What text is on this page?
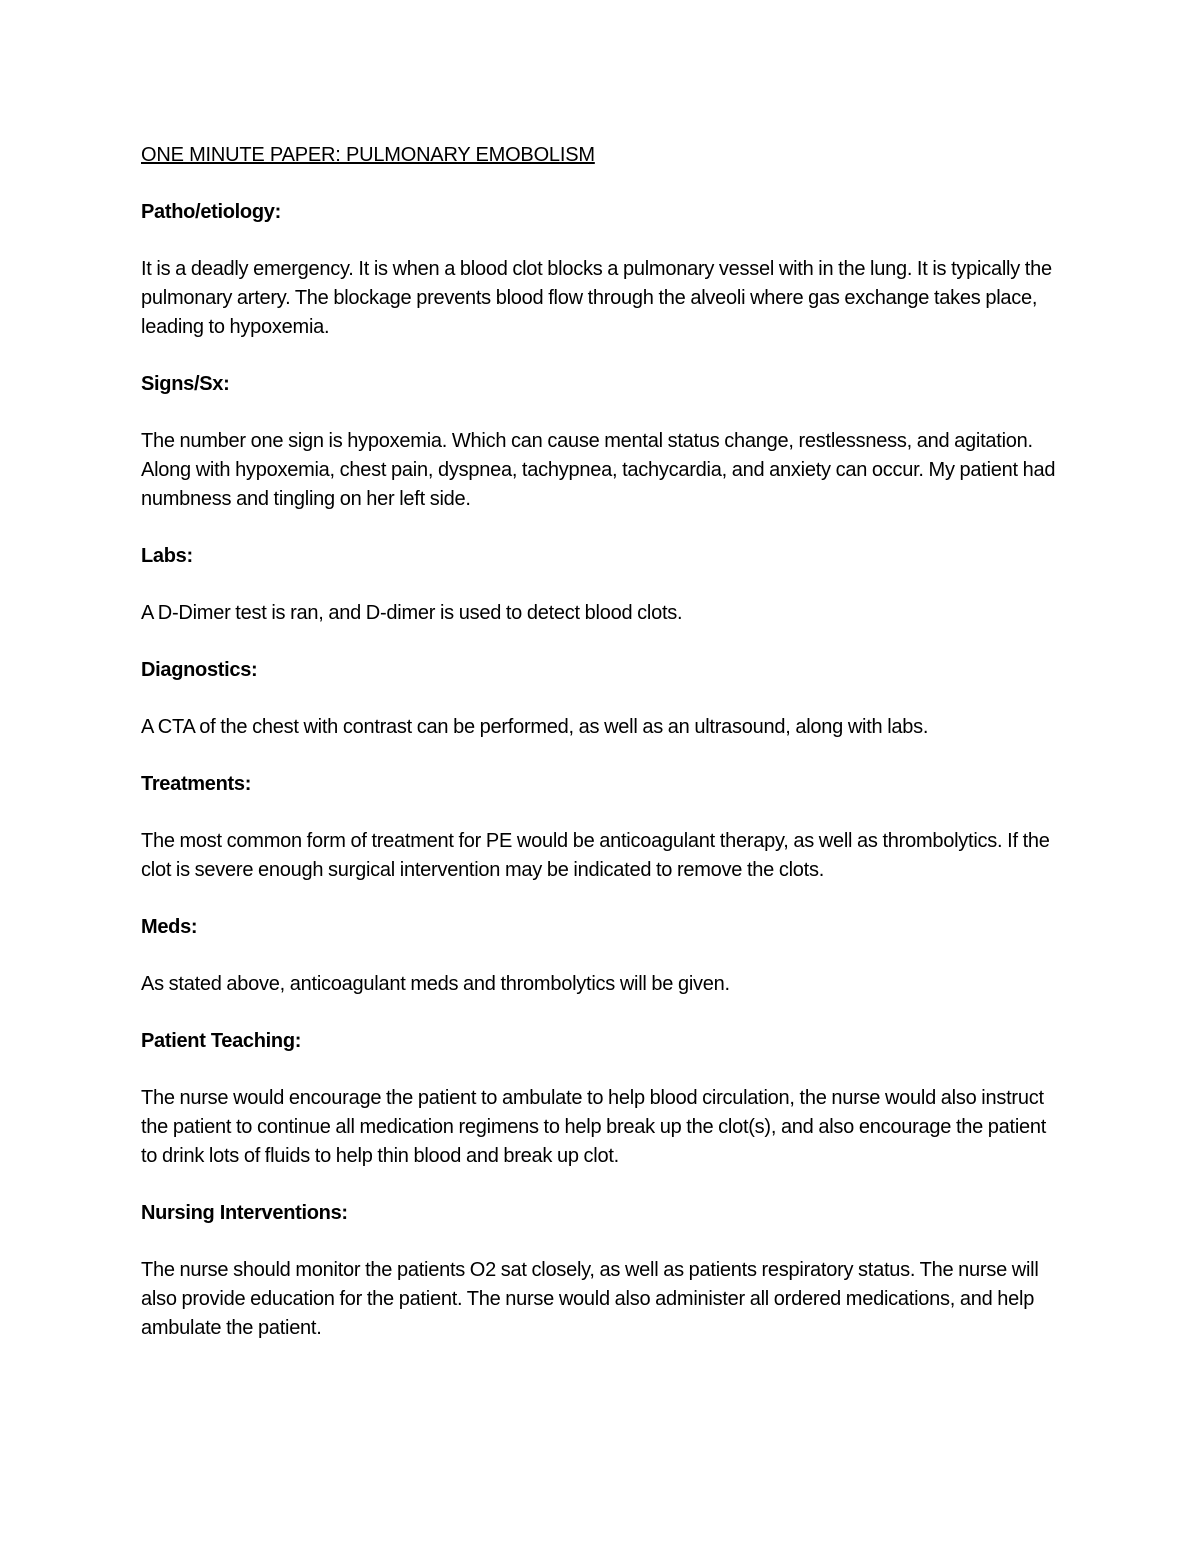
ONE MINUTE PAPER: PULMONARY EMOBOLISM
Patho/etiology:
It is a deadly emergency. It is when a blood clot blocks a pulmonary vessel with in the lung. It is typically the pulmonary artery. The blockage prevents blood flow through the alveoli where gas exchange takes place, leading to hypoxemia.
Signs/Sx:
The number one sign is hypoxemia. Which can cause mental status change, restlessness, and agitation. Along with hypoxemia, chest pain, dyspnea, tachypnea, tachycardia, and anxiety can occur. My patient had numbness and tingling on her left side.
Labs:
A D-Dimer test is ran, and D-dimer is used to detect blood clots.
Diagnostics:
A CTA of the chest with contrast can be performed, as well as an ultrasound, along with labs.
Treatments:
The most common form of treatment for PE would be anticoagulant therapy, as well as thrombolytics. If the clot is severe enough surgical intervention may be indicated to remove the clots.
Meds:
As stated above, anticoagulant meds and thrombolytics will be given.
Patient Teaching:
The nurse would encourage the patient to ambulate to help blood circulation, the nurse would also instruct the patient to continue all medication regimens to help break up the clot(s), and also encourage the patient to drink lots of fluids to help thin blood and break up clot.
Nursing Interventions:
The nurse should monitor the patients O2 sat closely, as well as patients respiratory status. The nurse will also provide education for the patient. The nurse would also administer all ordered medications, and help ambulate the patient.
